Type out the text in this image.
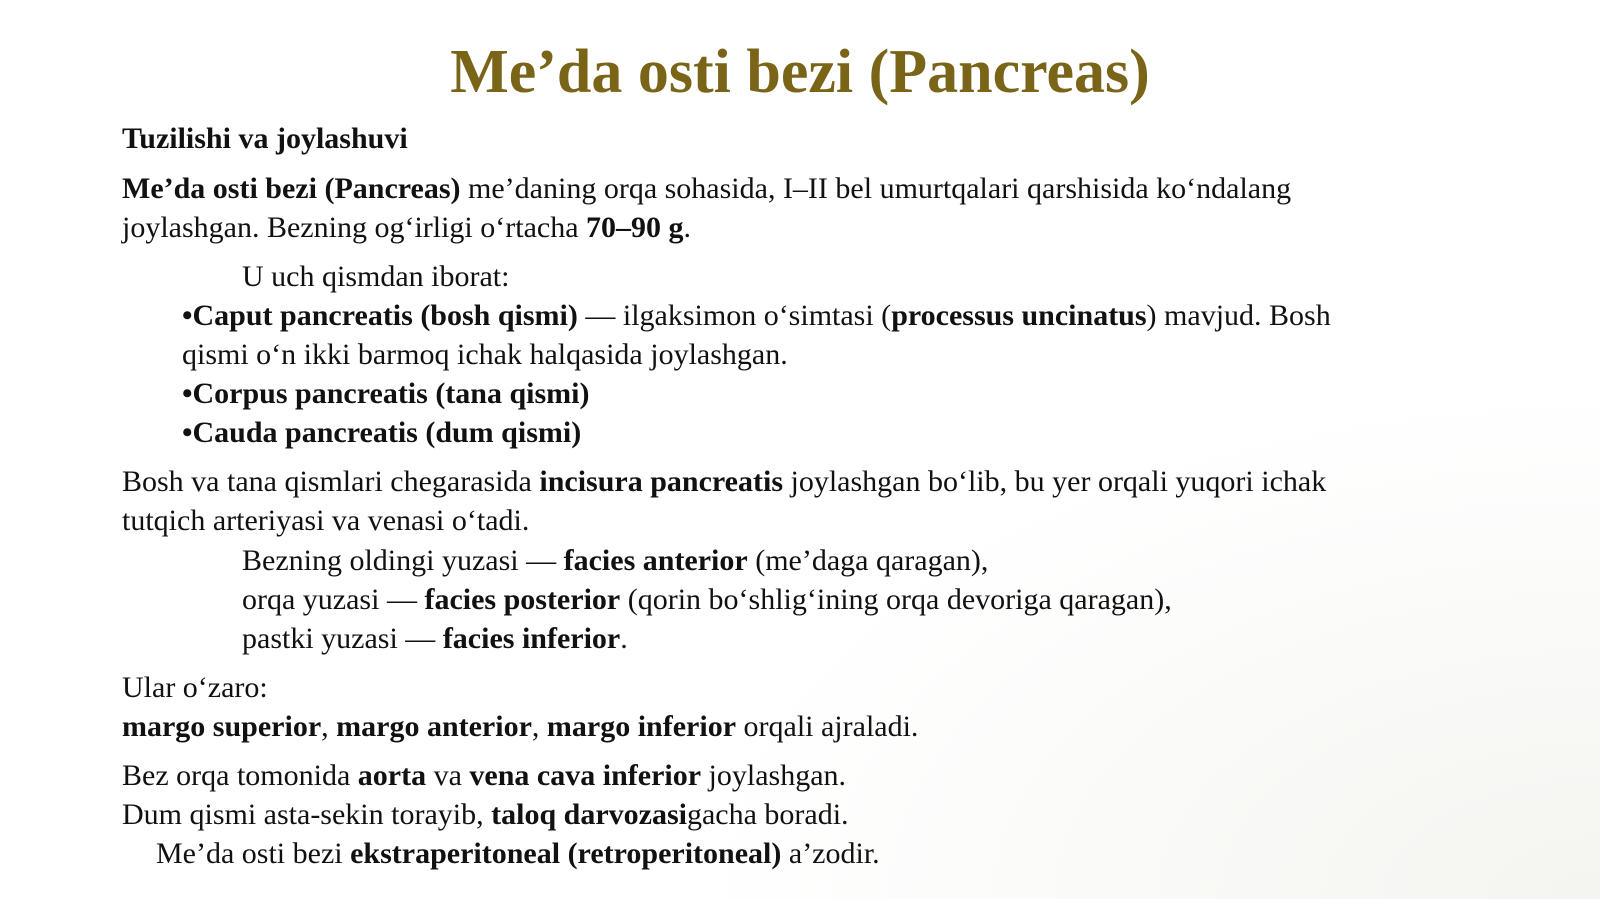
Me’da osti bezi (Pancreas)
Tuzilishi va joylashuvi
Me’da osti bezi (Pancreas) me’daning orqa sohasida, I–II bel umurtqalari qarshisida ko‘ndalang
joylashgan. Bezning og‘irligi o‘rtacha 70–90 g.
U uch qismdan iborat:
•Caput pancreatis (bosh qismi) — ilgaksimon o‘simtasi (processus uncinatus) mavjud. Bosh
qismi o‘n ikki barmoq ichak halqasida joylashgan.
•Corpus pancreatis (tana qismi)
•Cauda pancreatis (dum qismi)
Bosh va tana qismlari chegarasida incisura pancreatis joylashgan bo‘lib, bu yer orqali yuqori ichak
tutqich arteriyasi va venasi o‘tadi.
Bezning oldingi yuzasi — facies anterior (me’daga qaragan),
orqa yuzasi — facies posterior (qorin bo‘shlig‘ining orqa devoriga qaragan),
pastki yuzasi — facies inferior.
Ular o‘zaro:
margo superior, margo anterior, margo inferior orqali ajraladi.
Bez orqa tomonida aorta va vena cava inferior joylashgan.
Dum qismi asta-sekin torayib, taloq darvozasigacha boradi.
Me’da osti bezi ekstraperitoneal (retroperitoneal) a’zodir.
